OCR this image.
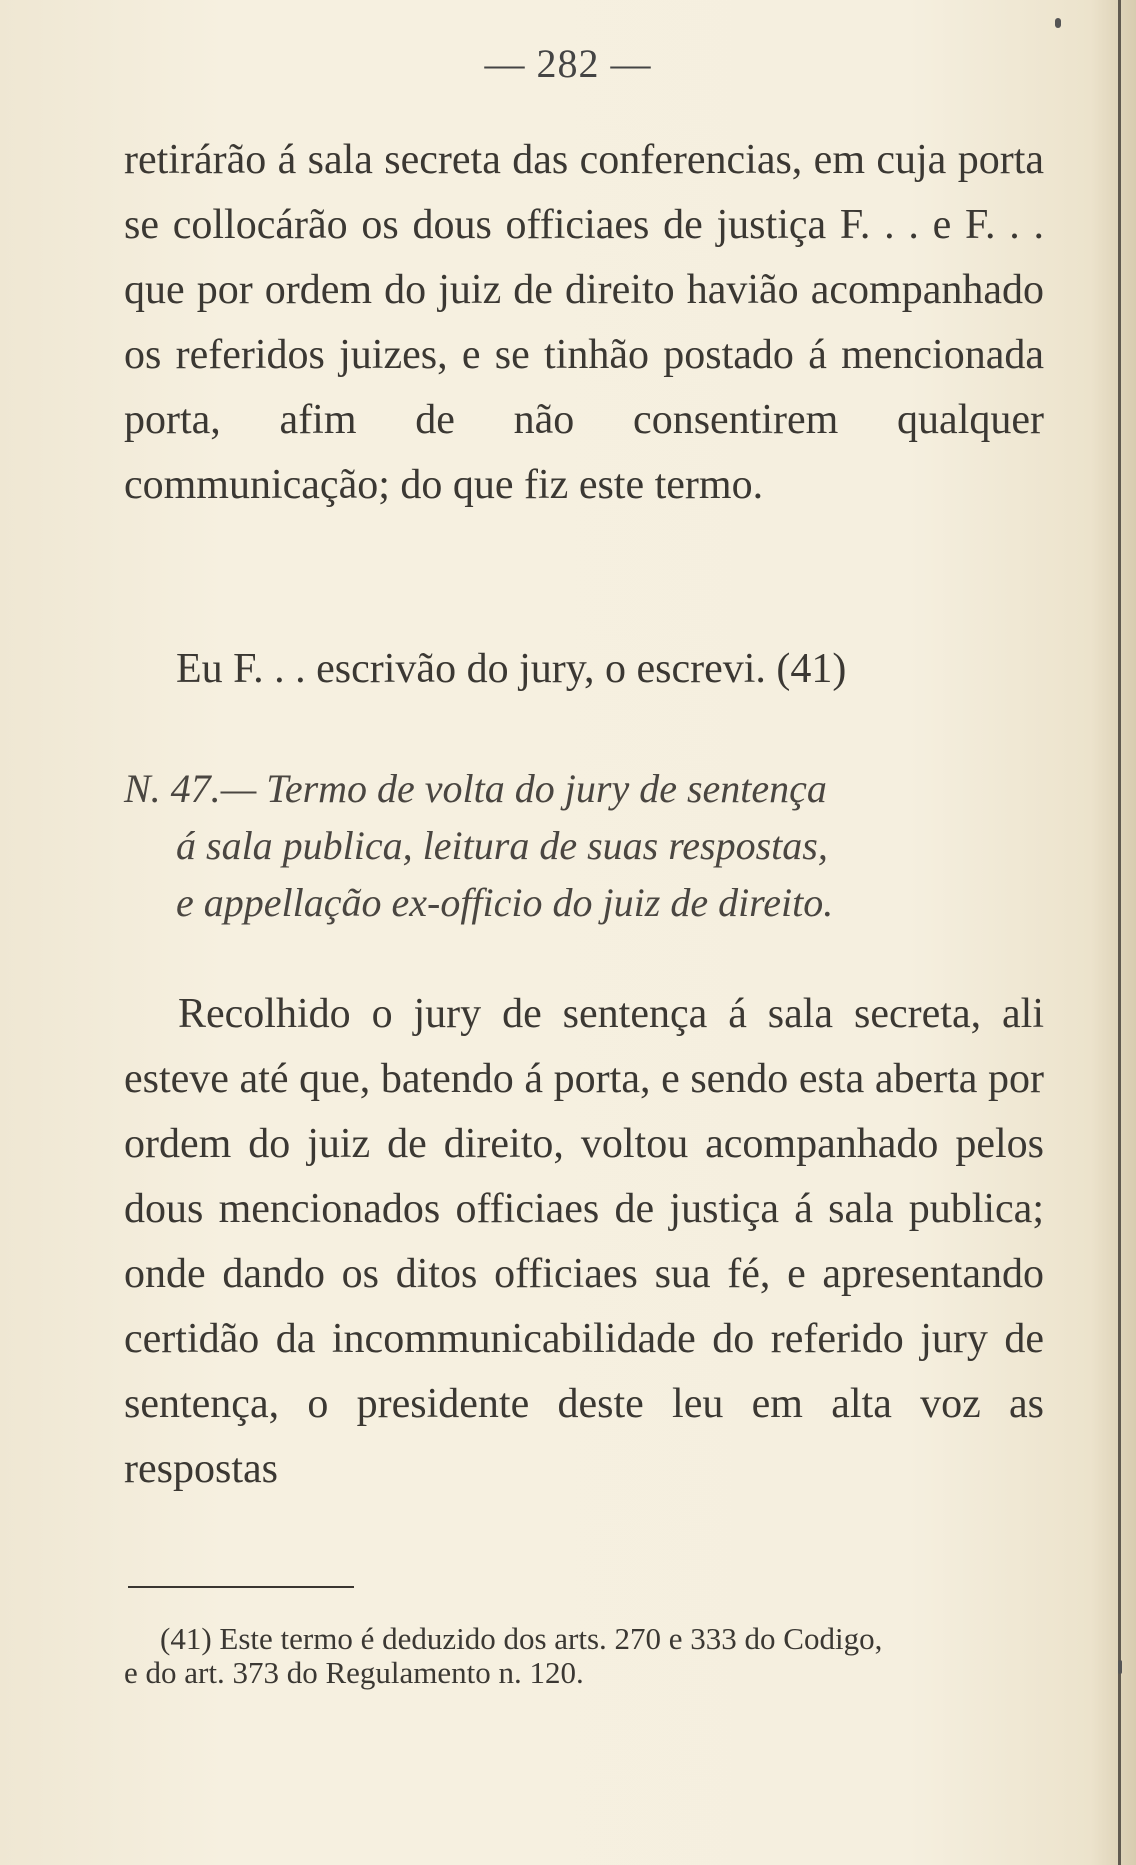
— 282 —
retirárão á sala secreta das conferencias, em cuja porta se collocárão os dous officiaes de justiça F. . . e F. . . que por ordem do juiz de direito havião acompanhado os referidos juizes, e se tinhão postado á mencionada porta, afim de não consentirem qualquer communicação; do que fiz este termo.
Eu F. . . escrivão do jury, o escrevi. (41)
N. 47.— Termo de volta do jury de sentença
á sala publica, leitura de suas respostas,
e appellação ex-officio do juiz de direito.
Recolhido o jury de sentença á sala secreta, ali esteve até que, batendo á porta, e sendo esta aberta por ordem do juiz de direito, voltou acompanhado pelos dous mencionados officiaes de justiça á sala publica; onde dando os ditos officiaes sua fé, e apresentando certidão da incommunicabilidade do referido jury de sentença, o presidente deste leu em alta voz as respostas
(41) Este termo é deduzido dos arts. 270 e 333 do Codigo,
e do art. 373 do Regulamento n. 120.
